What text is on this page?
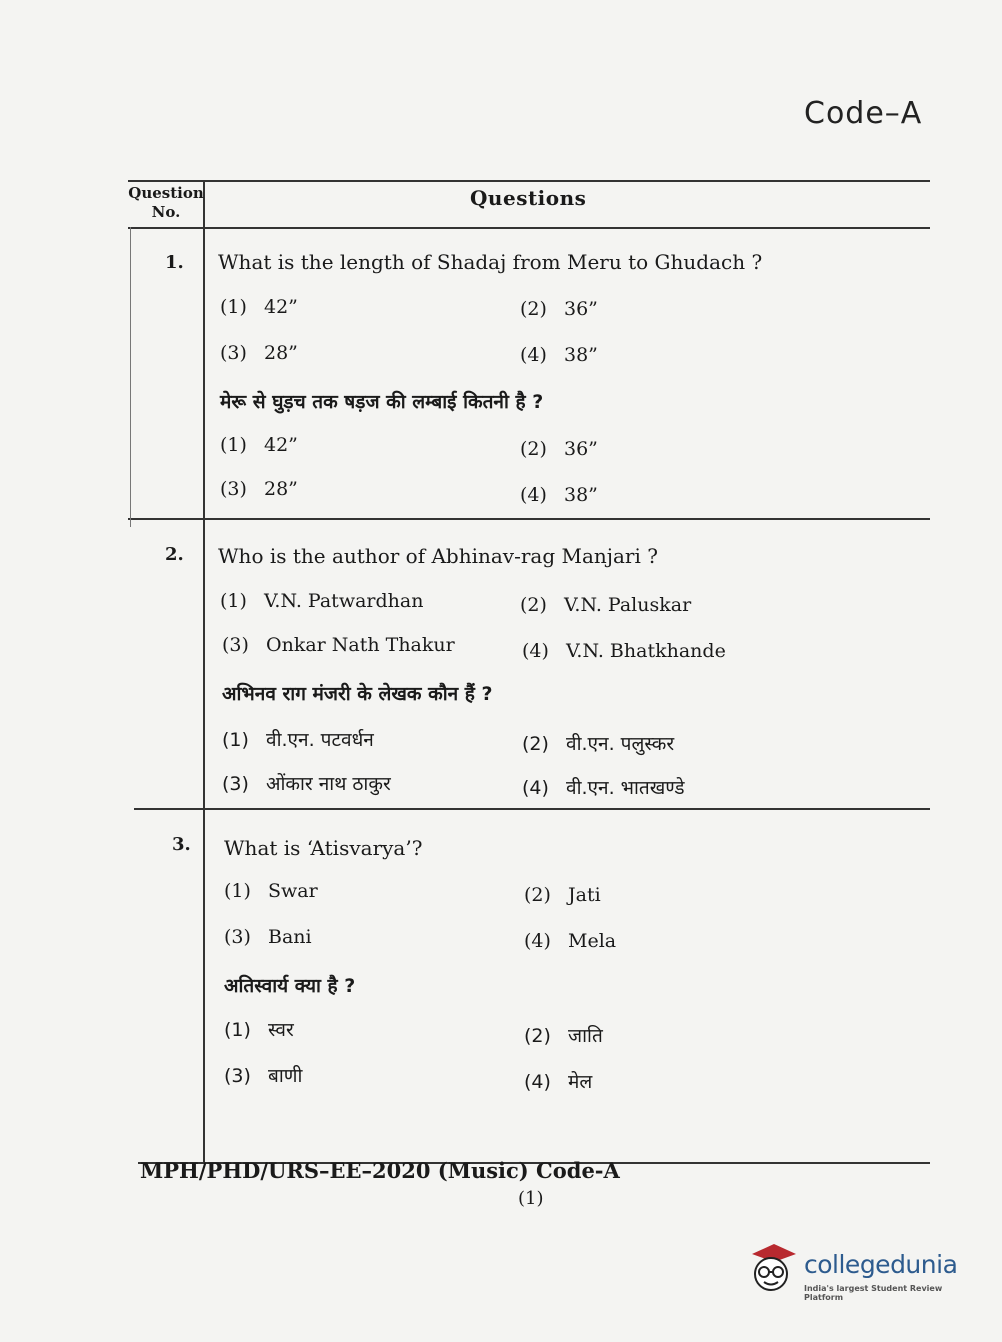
Code–A
Question
No.
Questions
1. What is the length of Shadaj from Meru to Ghudach ?
(1) 42”	(2) 36”
(3) 28”	(4) 38”
मेरू से घुड़च तक षड़ज की लम्बाई कितनी है ?
(1) 42”	(2) 36”
(3) 28”	(4) 38”
2. Who is the author of Abhinav-rag Manjari ?
(1) V.N. Patwardhan	(2) V.N. Paluskar
(3) Onkar Nath Thakur	(4) V.N. Bhatkhande
अभिनव राग मंजरी के लेखक कौन हैं ?
(1) वी.एन. पटवर्धन	(2) वी.एन. पलुस्कर
(3) ओंकार नाथ ठाकुर	(4) वी.एन. भातखण्डे
3. What is ‘Atisvarya’?
(1) Swar	(2) Jati
(3) Bani	(4) Mela
अतिस्वार्य क्या है ?
(1) स्वर	(2) जाति
(3) बाणी	(4) मेल
MPH/PHD/URS–EE–2020 (Music) Code-A
(1)
collegedunia
India's largest Student Review Platform
